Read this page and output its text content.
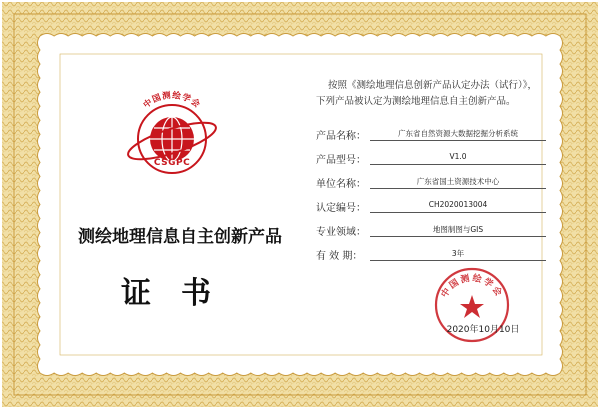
中国测绘学会
CSGPC

按照《测绘地理信息创新产品认定办法（试行）》，

下列产品被认定为测绘地理信息自主创新产品。

产品名称：	广东省自然资源大数据挖掘分析系统
产品型号：	V1.0
单位名称：	广东省国土资源技术中心
认定编号：	CH2020013004
专业领域：	地图制图与GIS
有 效 期：	3年
测绘地理信息自主创新产品
证书	中国测绘学会
2020年10月10日
